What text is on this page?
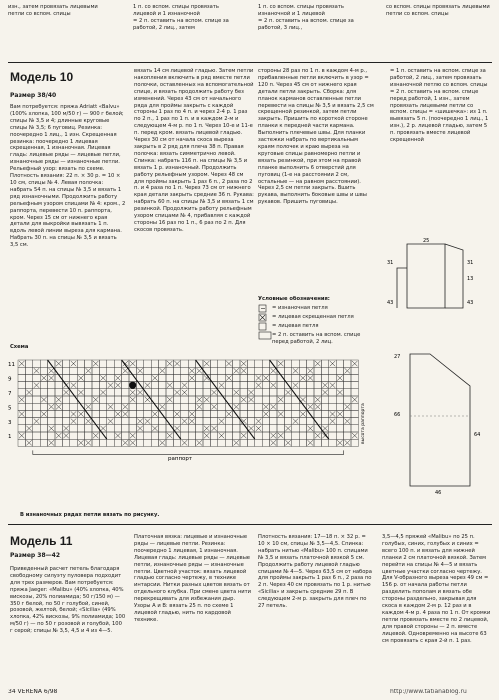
изн., затем провязать лицевыми петли со вспом. спицы
1 п. со вспом. спицы провязать лицевой и 1 изнаночной
= 2 п. оставить на вспом. спице за работой, 2 лиц., затем
1 п. со вспом. спицы провязать изнаночной и 1 лицевой
= 2 п. оставить на вспом. спице за работой, 3 лиц.,
со вспом. спицы провязать лицевыми петли со вспом. спицы
Модель 10
Размер 38/40
Вам потребуется: пряжа Adriatt «Balvu» (100% хлопка, 100 м/50 г) — 900 г белой; спицы № 3,5 и 4; длинные круговые спицы № 3,5; 6 пуговиц. Резинка: поочередно 1 лиц., 1 изн. Скрещенная резинка: поочередно 1 лицевая скрещенная, 1 изнаночная. Лицевая гладь: лицевые ряды — лицевые петли, изнаночные ряды — изнаночные петли. Рельефный узор: вязать по схеме. Плотность вязания: 22 п. × 30 р. = 10 × 10 см, спицы № 4. Левая полочка: набрать 54 п. на спицы № 3,5 и вязать 1 ряд изнаночными. Продолжить работу рельефным узором спицами № 4: кром., 2 раппорта, перевести 10 п. раппорта, кром. Через 15 см от нижнего края детали для выкройки вывязать 1 п. вдоль левой линии выреза для кармана. Набрать 30 п. на спицы № 3,5 и вязать 3,5 см.
вязать 14 см лицевой гладью. Затем петли накопления включить в ряд вместе петли полочки, оставленных на вспомогательной спице, и вязать продолжить работу без изменений. Через 43 см от начального ряда для проймы закрыть с каждой стороны 1 раз по 4 п. и через 2-4 р. 1 раз по 2 п., 1 раз по 1 п. и в каждом 2-м и следующем 4-м р. по 1 п. Через 10-е и 11-е п. перед кром. вязать лицевой гладью. Через 30 см от начала скоса выреза закрыть в 2 ряд для плеча 38 п. Правая полочка: вязать симметрично левой. Спинка: набрать 116 п. на спицы № 3,5 и вязать 1 р. изнаночный. Продолжить работу рельефным узором. Через 48 см для проймы закрыть 1 раз 6 п., 2 раза по 2 п. и 4 раза по 1 п. Через 73 см от нижнего края детали закрыть средние 36 п. Рукава: набрать 60 п. на спицы № 3,5 и вязать 1 см резинкой. Продолжить работу рельефным узором спицами № 4, прибавляя с каждой стороны 16 раз по 1 п., 6 раз по 2 п. Для скосов провязать.
стороны 28 раз по 1 п. в каждом 4-м р., прибавленные петли включить в узор = 120 п. Через 45 см от нижнего края детали петли закрыть. Сборка: для планок карманов оставленные петли перевести на спицы № 3,5 и вязать 2,5 см скрещенной резинкой, затем петли закрыть. Пришить по короткой стороне планки к передней части кармана. Выполнить плечевые швы. Для планки застежки набрать по вертикальным краям полочек и краю выреза на круговые спицы равномерно петли и вязать резинкой, при этом на правой планке выполнить 6 отверстий для пуговиц (1-е на расстоянии 2 см, остальные — на равном расстоянии). Через 2,5 см петли закрыть. Вшить рукава, выполнить боковые швы и швы рукавов. Пришить пуговицы.
Условные обозначения:
= изнаночная петля
= лицевая скрещенная петля
= лицевая петля
= 2 п. оставить на вспом. спице перед работой, 2 лиц.
25
31
43
31
13
43
= 1 п. оставить на вспом. спице за работой, 2 лиц., затем провязать изнаночной петлю со вспом. спицы = 2 п. оставить на вспом. спице перед работой, 1 изн., затем провязать лицевыми петли со вспом. спицы = «шишечка»: из 1 п. вывязать 5 п. (поочередно 1 лиц., 1 изн.), 2 р. лицевой гладью, затем 5 п. провязать вместе лицевой скрещенной
27
66
64
46
Схема
11
9
7
5
3
1
раппорт
высота раппорта
В изнаночных рядах петли вязать по рисунку.
Модель 11
Размер 38—42
Приведенный расчет петель благодаря свободному силуэту пуловера подходит для трех размеров. Вам потребуется: пряжа Jaeger: «Malibu» (40% хлопка, 40% вискозы, 20% полиамида; 50 г/150 м) — 350 г белой, по 50 г голубой, синей, розовой, желтой, белой; «Sicilia» (49% хлопка, 42% вискозы, 9% полиамида; 100 м/50 г) — по 50 г розовой и голубой, 100 г серой; спицы № 3,5, 4,5 и 4 из 4—5.
Платочная вязка: лицевые и изнаночные ряды — лицевые петли. Резинка: поочередно 1 лицевая, 1 изнаночная. Лицевая гладь: лицевые ряды — лицевые петли, изнаночные ряды — изнаночные петли. Цветной участок: вязать лицевой гладью согласно чертежу, в технике интарсии. Нитки разных цветов вязать от отдельного клубка. При смене цвета нити перекрещивать для избежания дыр. Узоры А и В: вязать 25 п. по схеме 1 лицевой гладью, нить по кардовой технике.
Плотность вязания: 17—18 п. × 32 р. = 10 × 10 см, спицы № 3,5—4,5. Спинка: набрать нитью «Malibu» 100 п. спицами № 3,5 и вязать платочной вязкой 5 см. Продолжить работу лицевой гладью спицами № 4—5. Через 63,5 см от набора для проймы закрыть 1 раз 6 п., 2 раза по 2 п. Через 40 см провязать по 1 р. нитью «Sicilia» и закрыть средние 29 п. В следующем 2-м р. закрыть для плеч по 27 петель.
3,5—4,5 пряжей «Malibu» по 25 п. голубых, синих, голубых и синих = всего 100 п. и вязать для нижней планки 2 см платочной вязкой. Затем перейти на спицы № 4—5 и вязать цветные участки согласно чертежу. Для V-образного выреза через 49 см = 156 р. от начала работы петли разделить пополам и вязать обе стороны раздельно, закрывая для скоса в каждом 2-м р. 12 раз и в каждом 4-м р. 4 раза по 1 п. От кромки петли провязать вместе по 2 лицевой, для правой стороны — 2 п. вместе лицевой. Одновременно на высоте 63 см провязать с края 2-й п. 1 раз.
34 VERENA 6/98	http://www.tatianablog.ru
